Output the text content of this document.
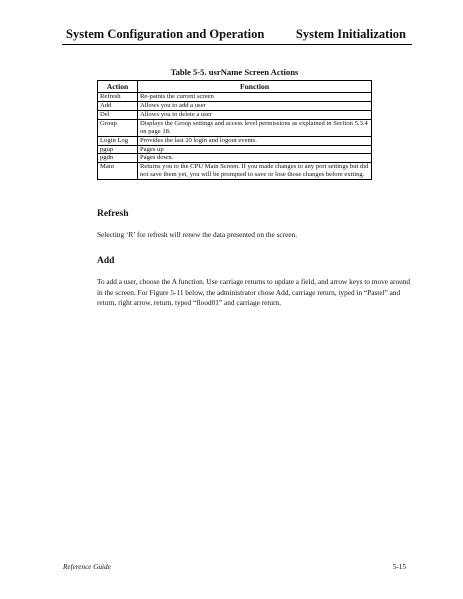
System Configuration and Operation	System Initialization
Table 5-5. usrName Screen Actions
Action	Function
Refresh	Re-paints the current screen
Add	Allows you to add a user
Del	Allows you to delete a user
Group	Displays the Group settings and access level permissions as explained in Section 5.3.4 on page 18.
Login Log	Provides the last 20 login and logout events.
pgup	Pages up
pgdn	Pages down.
Main	Returns you to the CPU Main Screen. If you made changes to any port settings but did not save them yet, you will be prompted to save or lose those changes before exiting.
Refresh
Selecting ‘R’ for refresh will renew the data presented on the screen.
Add
To add a user, choose the A function. Use carriage returns to update a field, and arrow keys to move around in the screen. For Figure 5-11 below, the administrator chose Add, carriage return, typed in “Pastel” and return, right arrow, return, typed “flood01” and carriage return,
Reference Guide	5-15
